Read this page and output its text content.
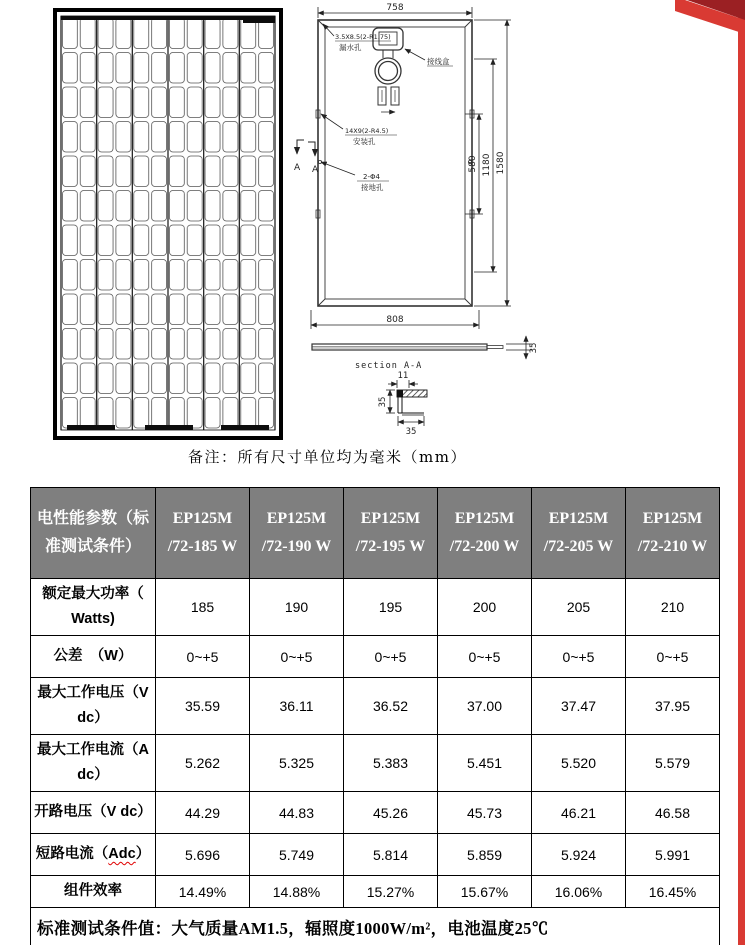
758
808
580 1180 1580
3.5X8.5(2-R1.75)
漏水孔
接线盒
14X9(2-R4.5)
安装孔
2-Φ4
接地孔
A A
35
section A-A
11
35
35
备注：所有尺寸单位均为毫米（mm）
电性能参数（标准测试条件）	EP125M /72-185 W	EP125M /72-190 W	EP125M /72-195 W	EP125M /72-200 W	EP125M /72-205 W	EP125M /72-210 W
额定最大功率（ Watts)	185	190	195	200	205	210
公差　（W）	0~+5	0~+5	0~+5	0~+5	0~+5	0~+5
最大工作电压（V dc）	35.59	36.11	36.52	37.00	37.47	37.95
最大工作电流（A dc）	5.262	5.325	5.383	5.451	5.520	5.579
开路电压（V dc）	44.29	44.83	45.26	45.73	46.21	46.58
短路电流（Adc）	5.696	5.749	5.814	5.859	5.924	5.991
组件效率	14.49%	14.88%	15.27%	15.67%	16.06%	16.45%
标准测试条件值：大气质量AM1.5，辐照度1000W/m²，电池温度25℃						
